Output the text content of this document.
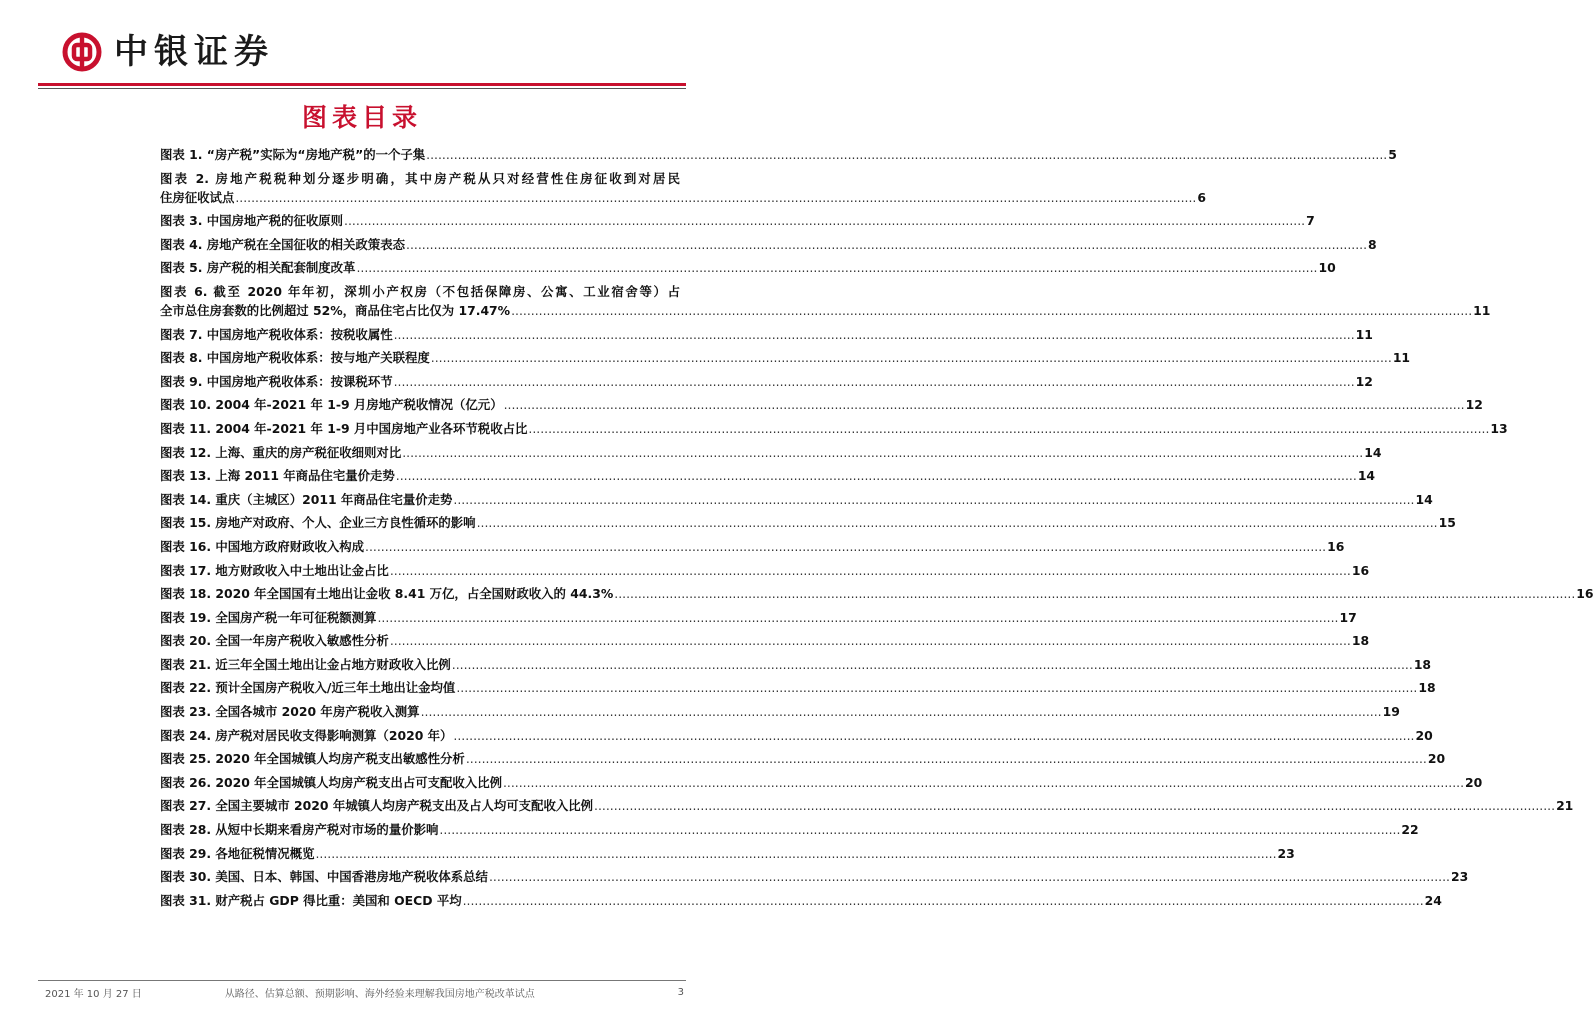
中银证券
图表目录
图表 1. “房产税”实际为“房地产税”的一个子集 .....	5
图表 2. 房地产税税种划分逐步明确，其中房产税从只对经营性住房征收到对居民
住房征收试点 .....	6
图表 3. 中国房地产税的征收原则 .....	7
图表 4. 房地产税在全国征收的相关政策表态 .....	8
图表 5. 房产税的相关配套制度改革 .....	10
图表 6. 截至 2020 年年初，深圳小产权房（不包括保障房、公寓、工业宿舍等）占
全市总住房套数的比例超过 52%，商品住宅占比仅为 17.47% .....	11
图表 7. 中国房地产税收体系：按税收属性 .....	11
图表 8. 中国房地产税收体系：按与地产关联程度 .....	11
图表 9. 中国房地产税收体系：按课税环节 .....	12
图表 10. 2004 年-2021 年 1-9 月房地产税收情况（亿元） .....	12
图表 11. 2004 年-2021 年 1-9 月中国房地产业各环节税收占比 .....	13
图表 12. 上海、重庆的房产税征收细则对比 .....	14
图表 13. 上海 2011 年商品住宅量价走势 .....	14
图表 14. 重庆（主城区）2011 年商品住宅量价走势 .....	14
图表 15. 房地产对政府、个人、企业三方良性循环的影响 .....	15
图表 16. 中国地方政府财政收入构成 .....	16
图表 17. 地方财政收入中土地出让金占比 .....	16
图表 18. 2020 年全国国有土地出让金收 8.41 万亿，占全国财政收入的 44.3% .....	16
图表 19. 全国房产税一年可征税额测算 .....	17
图表 20. 全国一年房产税收入敏感性分析 .....	18
图表 21. 近三年全国土地出让金占地方财政收入比例 .....	18
图表 22. 预计全国房产税收入/近三年土地出让金均值 .....	18
图表 23. 全国各城市 2020 年房产税收入测算 .....	19
图表 24. 房产税对居民收支得影响测算（2020 年） .....	20
图表 25. 2020 年全国城镇人均房产税支出敏感性分析 .....	20
图表 26. 2020 年全国城镇人均房产税支出占可支配收入比例 .....	20
图表 27. 全国主要城市 2020 年城镇人均房产税支出及占人均可支配收入比例 .....	21
图表 28. 从短中长期来看房产税对市场的量价影响 .....	22
图表 29. 各地征税情况概览 .....	23
图表 30. 美国、日本、韩国、中国香港房地产税收体系总结 .....	23
图表 31. 财产税占 GDP 得比重：美国和 OECD 平均 .....	24
2021 年 10 月 27 日	从路径、估算总额、预期影响、海外经验来理解我国房地产税改革试点	3
